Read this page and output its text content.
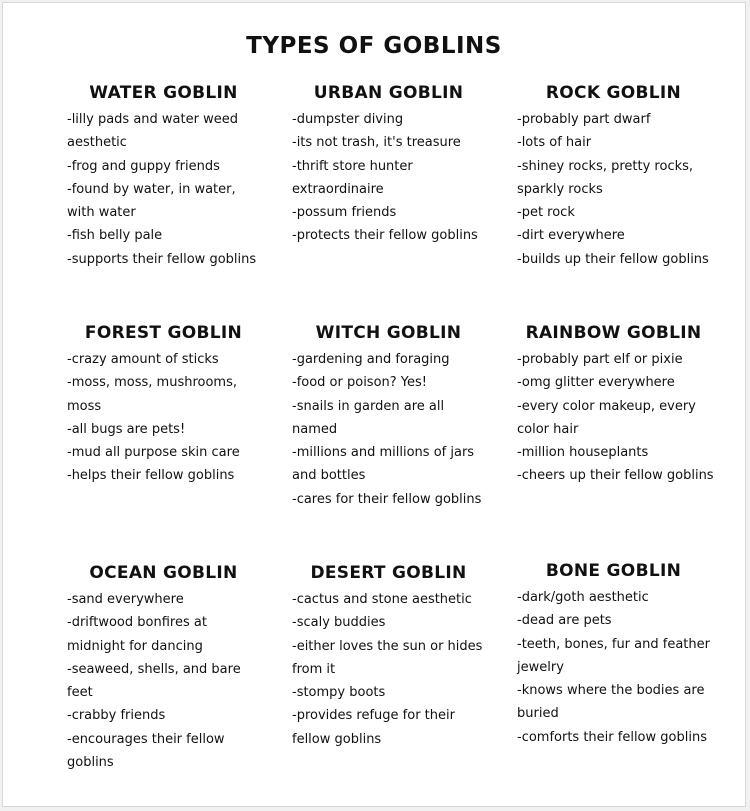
TYPES OF GOBLINS
WATER GOBLIN
-lilly pads and water weed aesthetic
-frog and guppy friends
-found by water, in water, with water
-fish belly pale
-supports their fellow goblins
URBAN GOBLIN
-dumpster diving
-its not trash, it's treasure
-thrift store hunter extraordinaire
-possum friends
-protects their fellow goblins
ROCK GOBLIN
-probably part dwarf
-lots of hair
-shiney rocks, pretty rocks, sparkly rocks
-pet rock
-dirt everywhere
-builds up their fellow goblins
FOREST GOBLIN
-crazy amount of sticks
-moss, moss, mushrooms, moss
-all bugs are pets!
-mud all purpose skin care
-helps their fellow goblins
WITCH GOBLIN
-gardening and foraging
-food or poison? Yes!
-snails in garden are all named
-millions and millions of jars and bottles
-cares for their fellow goblins
RAINBOW GOBLIN
-probably part elf or pixie
-omg glitter everywhere
-every color makeup, every color hair
-million houseplants
-cheers up their fellow goblins
OCEAN GOBLIN
-sand everywhere
-driftwood bonfires at midnight for dancing
-seaweed, shells, and bare feet
-crabby friends
-encourages their fellow goblins
DESERT GOBLIN
-cactus and stone aesthetic
-scaly buddies
-either loves the sun or hides from it
-stompy boots
-provides refuge for their fellow goblins
BONE GOBLIN
-dark/goth aesthetic
-dead are pets
-teeth, bones, fur and feather jewelry
-knows where the bodies are buried
-comforts their fellow goblins
